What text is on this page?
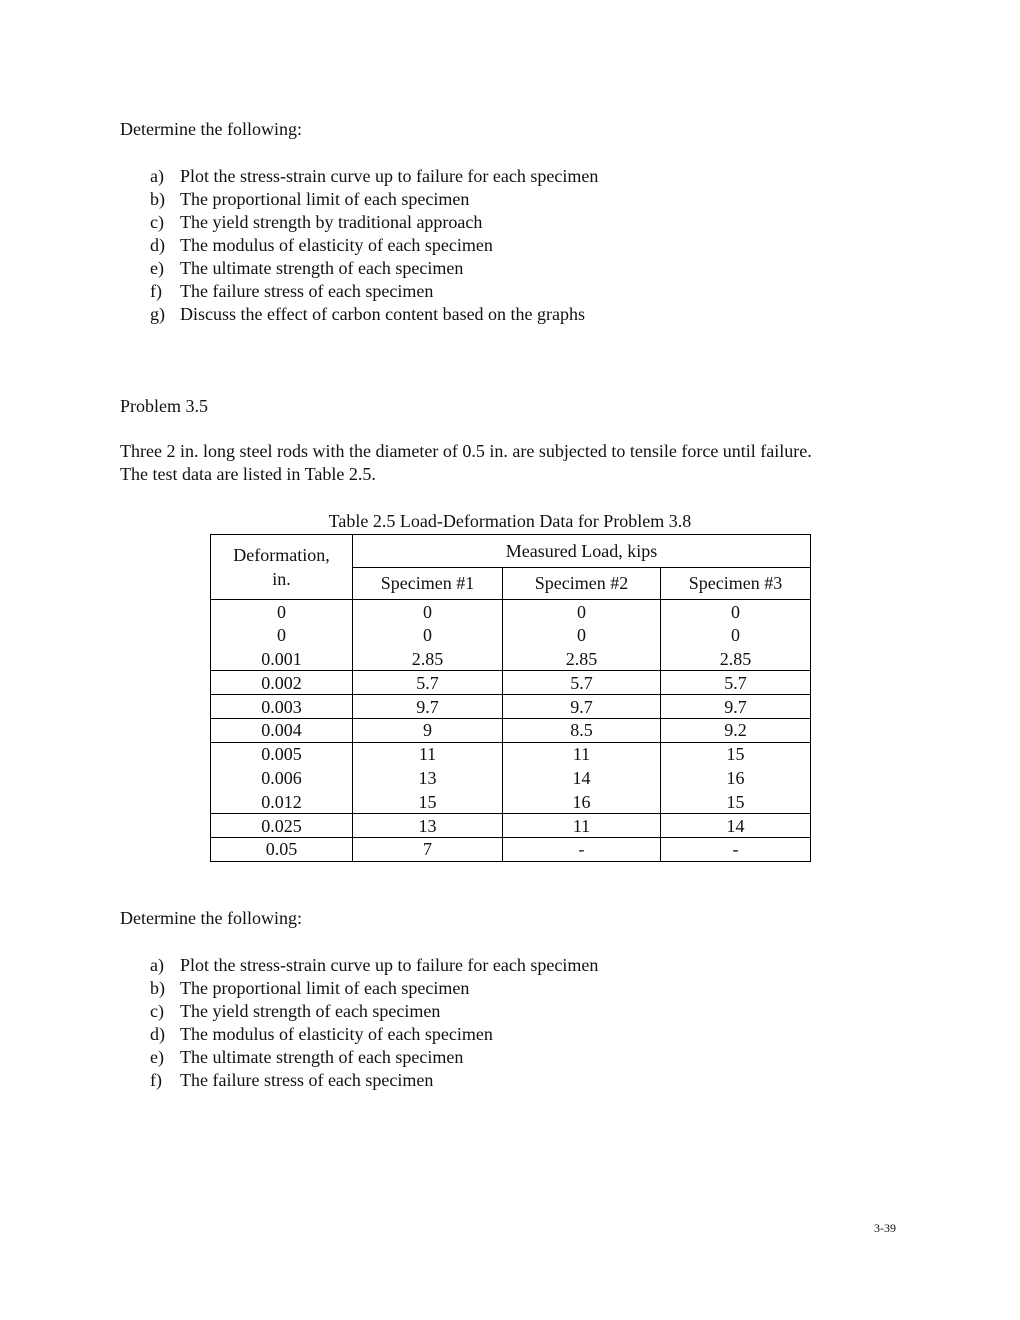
Determine the following:
a) Plot the stress-strain curve up to failure for each specimen
b) The proportional limit of each specimen
c) The yield strength by traditional approach
d) The modulus of elasticity of each specimen
e) The ultimate strength of each specimen
f) The failure stress of each specimen
g) Discuss the effect of carbon content based on the graphs
Problem 3.5
Three 2 in. long steel rods with the diameter of 0.5 in. are subjected to tensile force until failure.
The test data are listed in Table 2.5.
Table 2.5 Load-Deformation Data for Problem 3.8
Deformation,
in.	Measured Load, kips		
	Specimen #1	Specimen #2	Specimen #3
0	0	0	0
0	0	0	0
0.001	2.85	2.85	2.85
0.002	5.7	5.7	5.7
0.003	9.7	9.7	9.7
0.004	9	8.5	9.2
0.005	11	11	15
0.006	13	14	16
0.012	15	16	15
0.025	13	11	14
0.05	7	-	-
Determine the following:
a) Plot the stress-strain curve up to failure for each specimen
b) The proportional limit of each specimen
c) The yield strength of each specimen
d) The modulus of elasticity of each specimen
e) The ultimate strength of each specimen
f) The failure stress of each specimen
3-39
